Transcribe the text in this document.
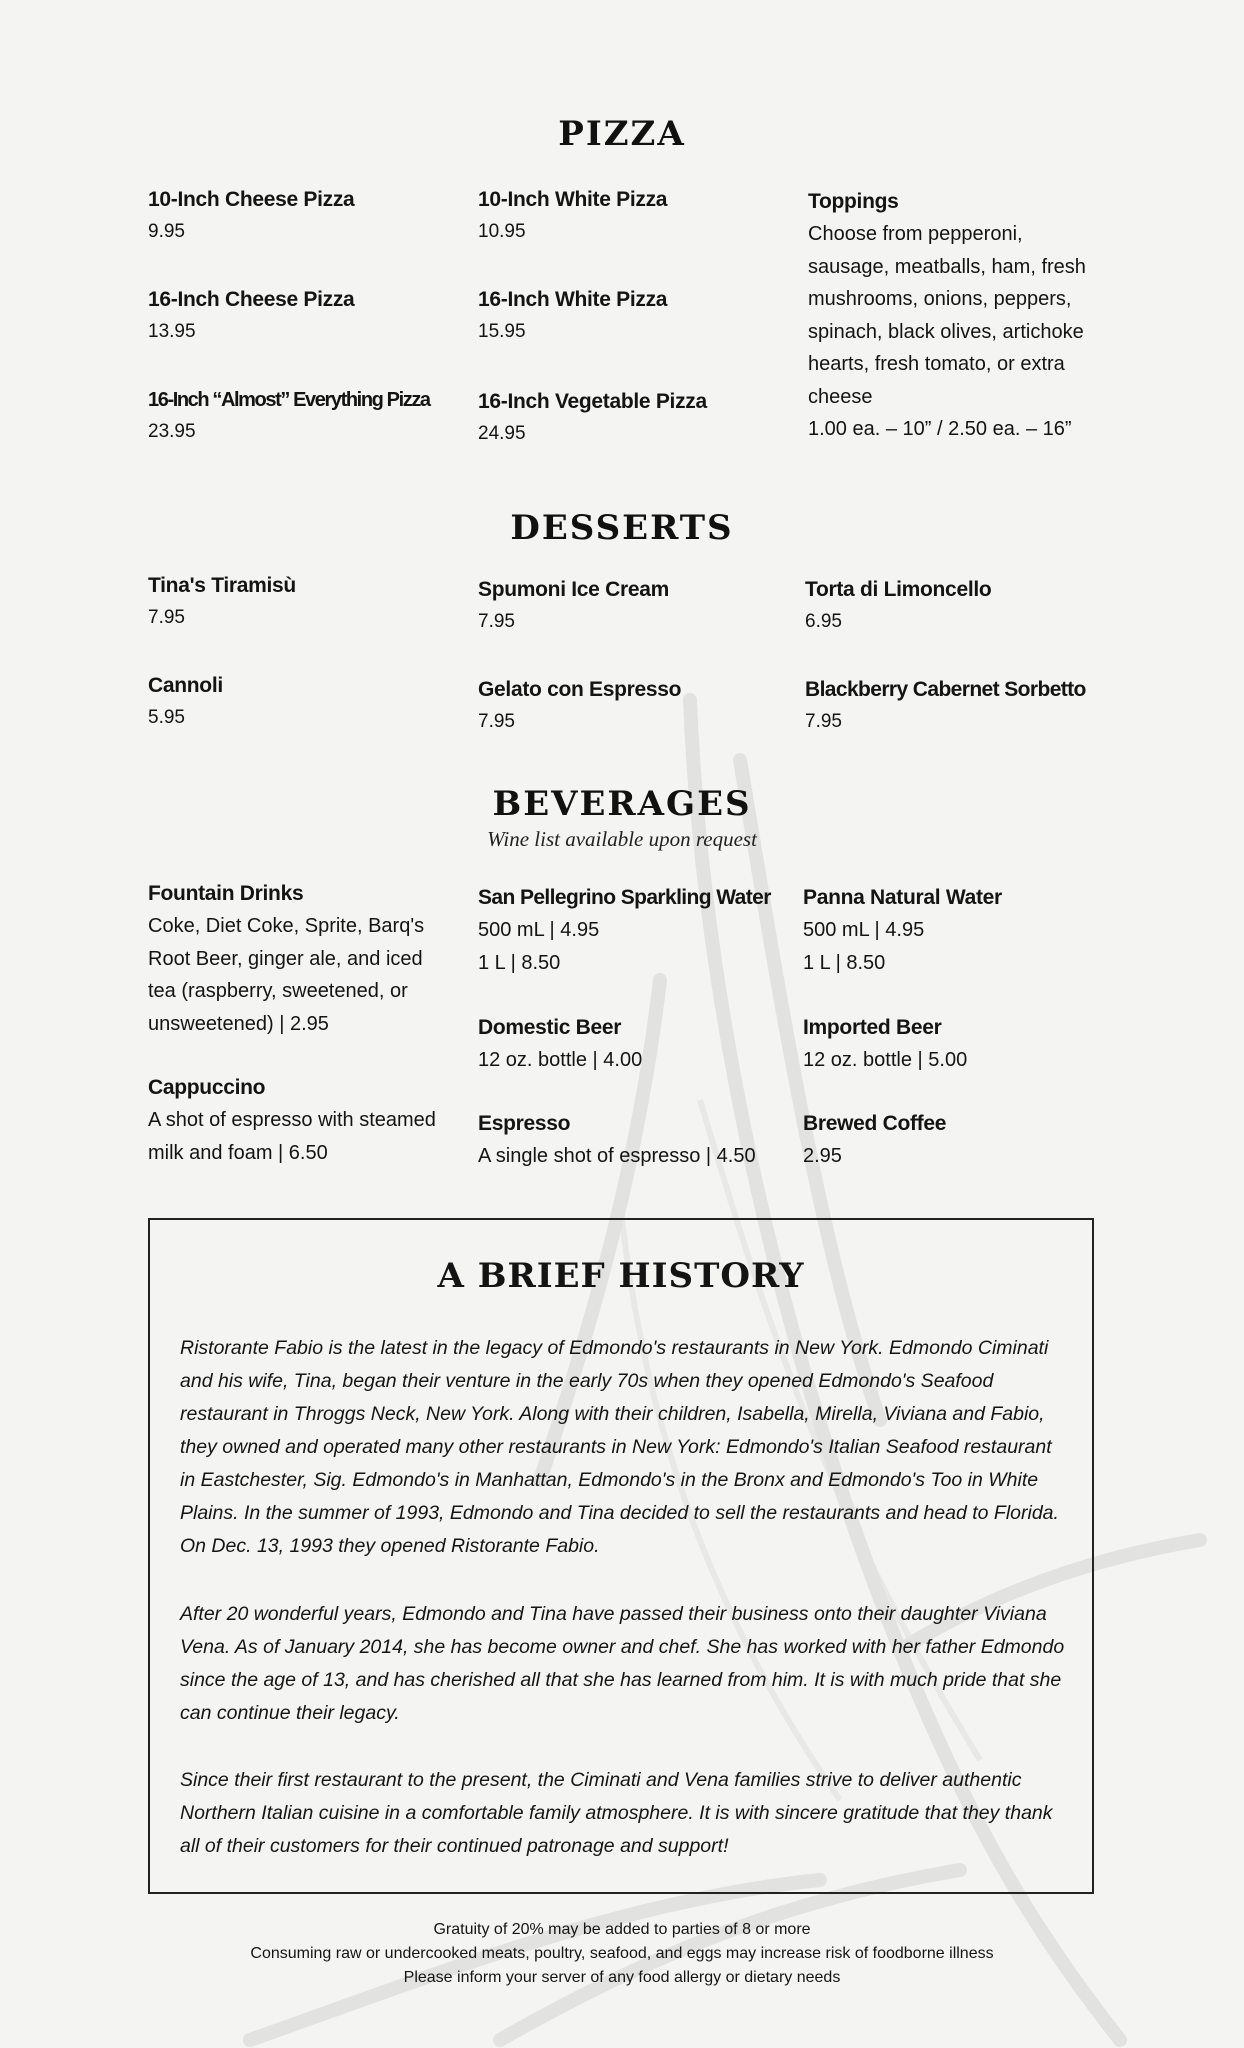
PIZZA
10-Inch Cheese Pizza
9.95
16-Inch Cheese Pizza
13.95
16-Inch “Almost” Everything Pizza
23.95
10-Inch White Pizza
10.95
16-Inch White Pizza
15.95
16-Inch Vegetable Pizza
24.95
Toppings
Choose from pepperoni, sausage, meatballs, ham, fresh mushrooms, onions, peppers, spinach, black olives, artichoke hearts, fresh tomato, or extra cheese
1.00 ea. – 10” / 2.50 ea. – 16”
DESSERTS
Tina's Tiramisù
7.95
Cannoli
5.95
Spumoni Ice Cream
7.95
Gelato con Espresso
7.95
Torta di Limoncello
6.95
Blackberry Cabernet Sorbetto
7.95
BEVERAGES
Wine list available upon request
Fountain Drinks
Coke, Diet Coke, Sprite, Barq's Root Beer, ginger ale, and iced tea (raspberry, sweetened, or unsweetened) | 2.95
Cappuccino
A shot of espresso with steamed milk and foam | 6.50
San Pellegrino Sparkling Water
500 mL | 4.95
1 L | 8.50
Domestic Beer
12 oz. bottle | 4.00
Espresso
A single shot of espresso | 4.50
Panna Natural Water
500 mL | 4.95
1 L | 8.50
Imported Beer
12 oz. bottle | 5.00
Brewed Coffee
2.95
A BRIEF HISTORY
Ristorante Fabio is the latest in the legacy of Edmondo's restaurants in New York. Edmondo Ciminati and his wife, Tina, began their venture in the early 70s when they opened Edmondo's Seafood restaurant in Throggs Neck, New York. Along with their children, Isabella, Mirella, Viviana and Fabio, they owned and operated many other restaurants in New York: Edmondo's Italian Seafood restaurant in Eastchester, Sig. Edmondo's in Manhattan, Edmondo's in the Bronx and Edmondo's Too in White Plains. In the summer of 1993, Edmondo and Tina decided to sell the restaurants and head to Florida. On Dec. 13, 1993 they opened Ristorante Fabio.
After 20 wonderful years, Edmondo and Tina have passed their business onto their daughter Viviana Vena. As of January 2014, she has become owner and chef. She has worked with her father Edmondo since the age of 13, and has cherished all that she has learned from him. It is with much pride that she can continue their legacy.
Since their first restaurant to the present, the Ciminati and Vena families strive to deliver authentic Northern Italian cuisine in a comfortable family atmosphere. It is with sincere gratitude that they thank all of their customers for their continued patronage and support!
Gratuity of 20% may be added to parties of 8 or more
Consuming raw or undercooked meats, poultry, seafood, and eggs may increase risk of foodborne illness
Please inform your server of any food allergy or dietary needs
